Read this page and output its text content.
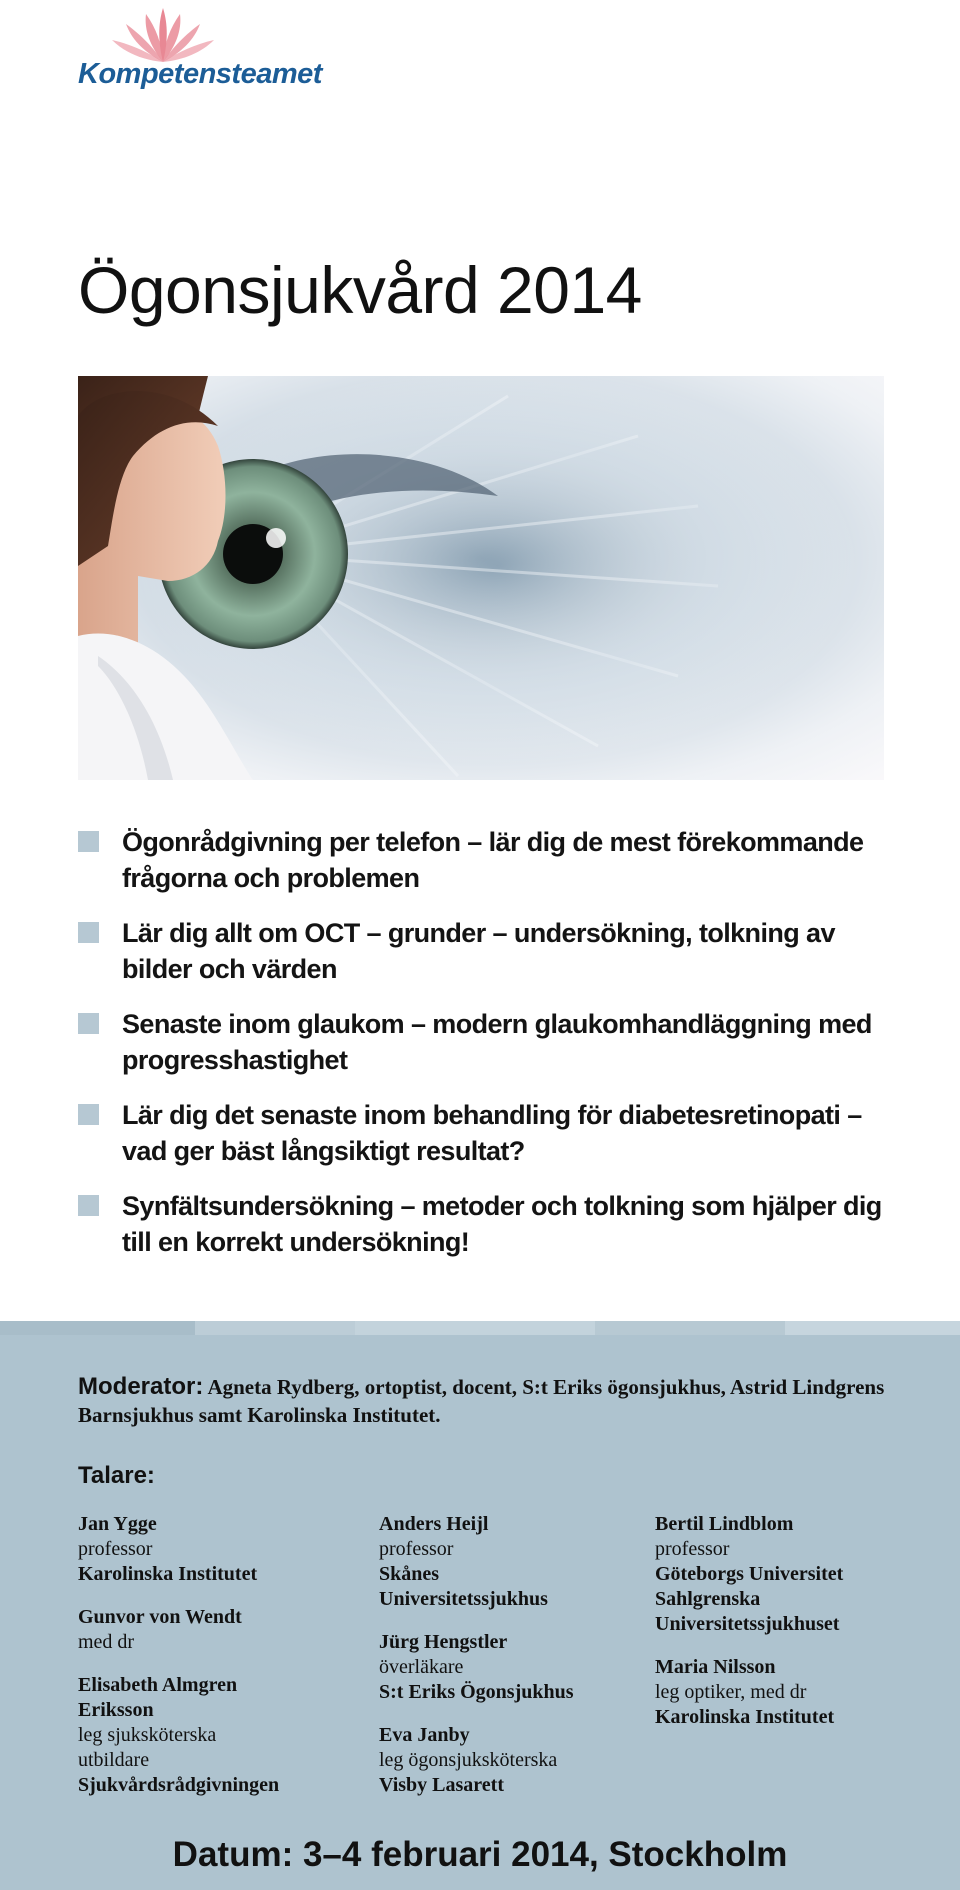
Kompetensteamet
Ögonsjukvård 2014
Ögonrådgivning per telefon – lär dig de mest förekommande frågorna och problemen
Lär dig allt om OCT – grunder – undersökning, tolkning av bilder och värden
Senaste inom glaukom – modern glaukomhandläggning med progresshastighet
Lär dig det senaste inom behandling för diabetesretinopati – vad ger bäst långsiktigt resultat?
Synfältsundersökning – metoder och tolkning som hjälper dig till en korrekt undersökning!
Moderator: Agneta Rydberg, ortoptist, docent, S:t Eriks ögonsjukhus, Astrid Lindgrens Barnsjukhus samt Karolinska Institutet.
Talare:
Jan Ygge
professor
Karolinska Institutet
Gunvor von Wendt
med dr
Elisabeth Almgren Eriksson
leg sjuksköterska utbildare
Sjukvårdsrådgivningen
Anders Heijl
professor
Skånes Universitetssjukhus
Jürg Hengstler
överläkare
S:t Eriks Ögonsjukhus
Eva Janby
leg ögonsjuksköterska
Visby Lasarett
Bertil Lindblom
professor
Göteborgs Universitet Sahlgrenska Universitetssjukhuset
Maria Nilsson
leg optiker, med dr
Karolinska Institutet
Datum: 3–4 februari 2014, Stockholm
